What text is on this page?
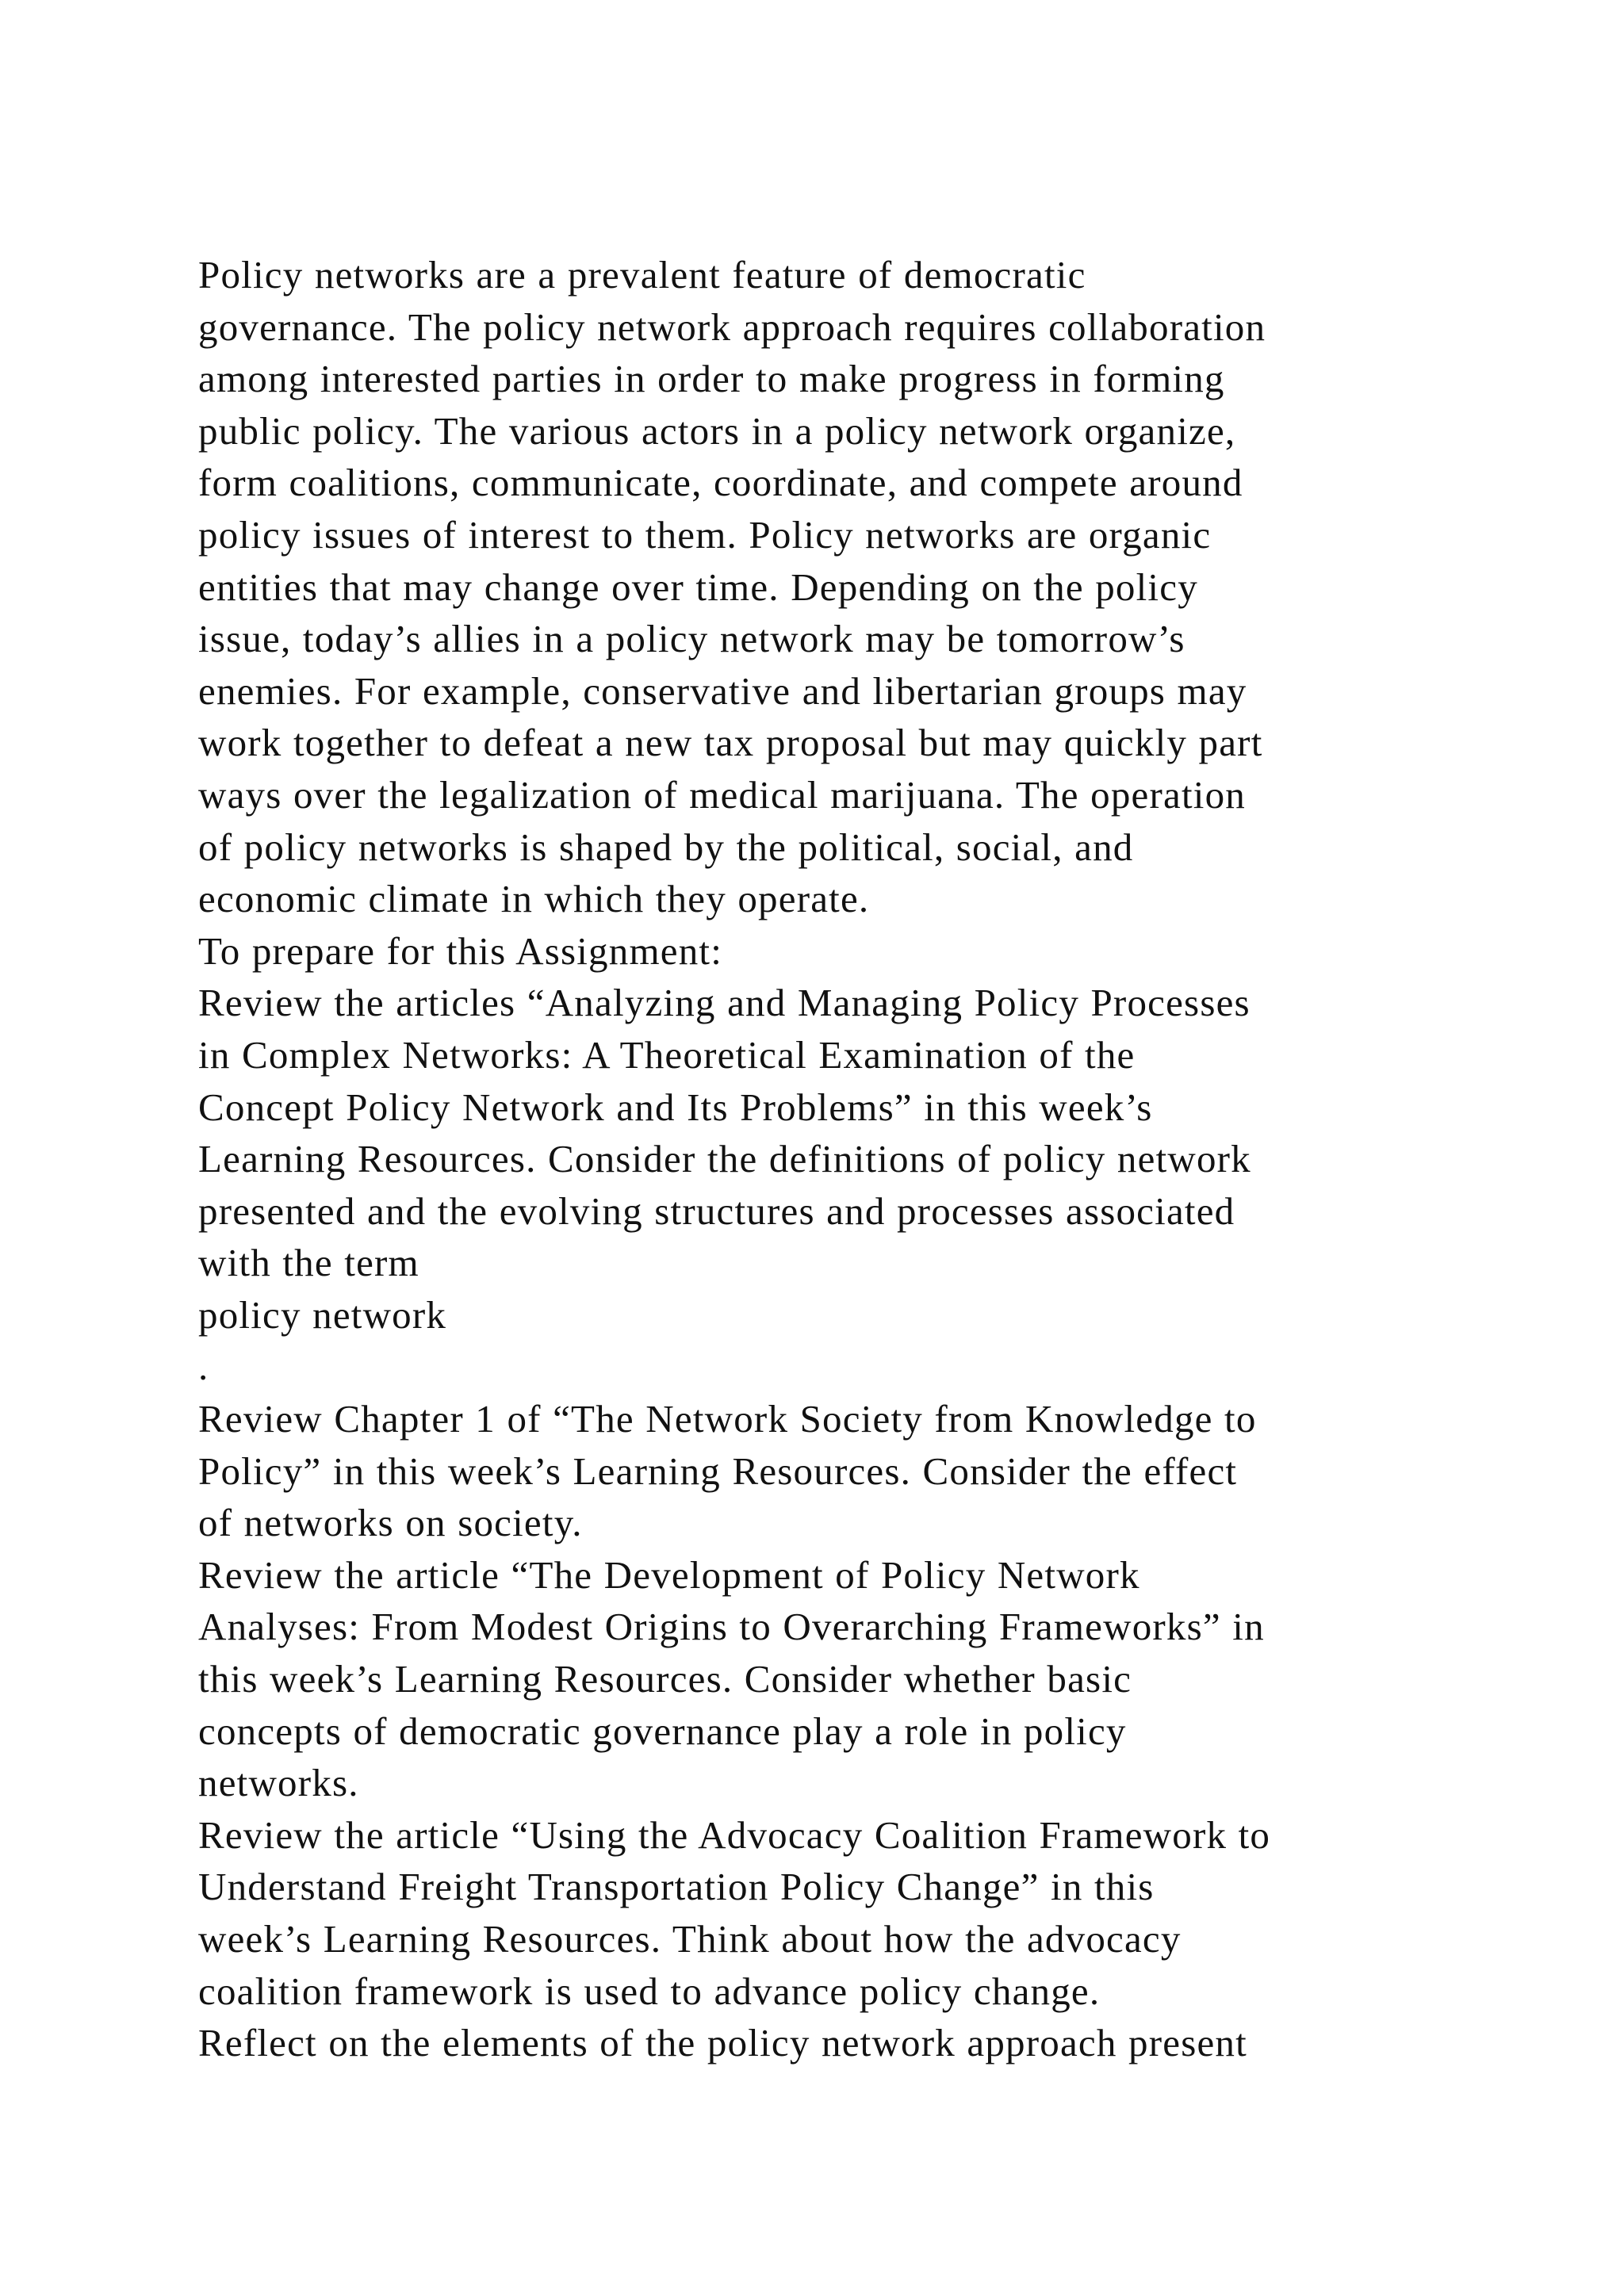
Policy networks are a prevalent feature of democratic
governance. The policy network approach requires collaboration
among interested parties in order to make progress in forming
public policy. The various actors in a policy network organize,
form coalitions, communicate, coordinate, and compete around
policy issues of interest to them. Policy networks are organic
entities that may change over time. Depending on the policy
issue, today’s allies in a policy network may be tomorrow’s
enemies. For example, conservative and libertarian groups may
work together to defeat a new tax proposal but may quickly part
ways over the legalization of medical marijuana. The operation
of policy networks is shaped by the political, social, and
economic climate in which they operate.
To prepare for this Assignment:
Review the articles “Analyzing and Managing Policy Processes
in Complex Networks: A Theoretical Examination of the
Concept Policy Network and Its Problems” in this week’s
Learning Resources. Consider the definitions of policy network
presented and the evolving structures and processes associated
with the term
policy network
.
Review Chapter 1 of “The Network Society from Knowledge to
Policy” in this week’s Learning Resources. Consider the effect
of networks on society.
Review the article “The Development of Policy Network
Analyses: From Modest Origins to Overarching Frameworks” in
this week’s Learning Resources. Consider whether basic
concepts of democratic governance play a role in policy
networks.
Review the article “Using the Advocacy Coalition Framework to
Understand Freight Transportation Policy Change” in this
week’s Learning Resources. Think about how the advocacy
coalition framework is used to advance policy change.
Reflect on the elements of the policy network approach present
